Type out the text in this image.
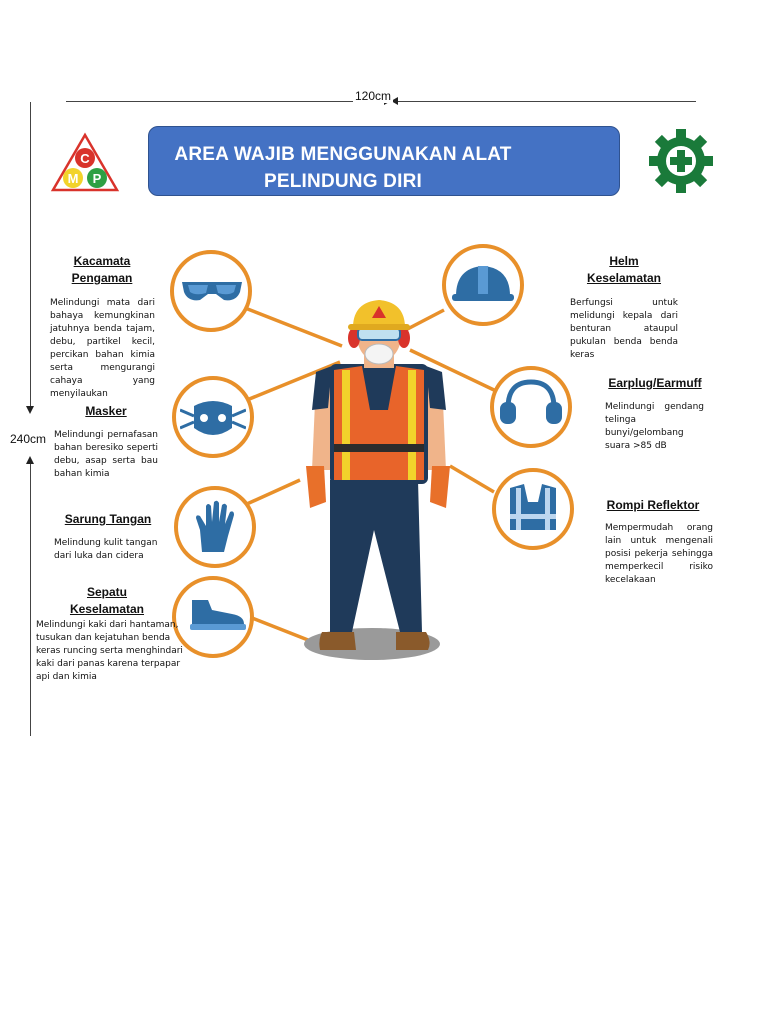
120cm
240cm
C
M P
AREA WAJIB MENGGUNAKAN ALAT
PELINDUNG DIRI
Kacamata
Pengaman
Melindungi mata dari bahaya kemungkinan jatuhnya benda tajam, debu, partikel kecil, percikan bahan kimia serta mengurangi cahaya yang menyilaukan
Masker
Melindungi pernafasan bahan beresiko seperti debu, asap serta bau bahan kimia
Sarung Tangan
Melindung kulit tangan dari luka dan cidera
Sepatu
Keselamatan
Melindungi kaki dari hantaman, tusukan dan kejatuhan benda keras runcing serta menghindari kaki dari panas karena terpapar api dan kimia
Helm
Keselamatan
Berfungsi untuk melidungi kepala dari benturan ataupul pukulan benda benda keras
Earplug/Earmuff
Melindungi gendang telinga bunyi/gelombang suara >85 dB
Rompi Reflektor
Mempermudah orang lain untuk mengenali posisi pekerja sehingga memperkecil risiko kecelakaan
